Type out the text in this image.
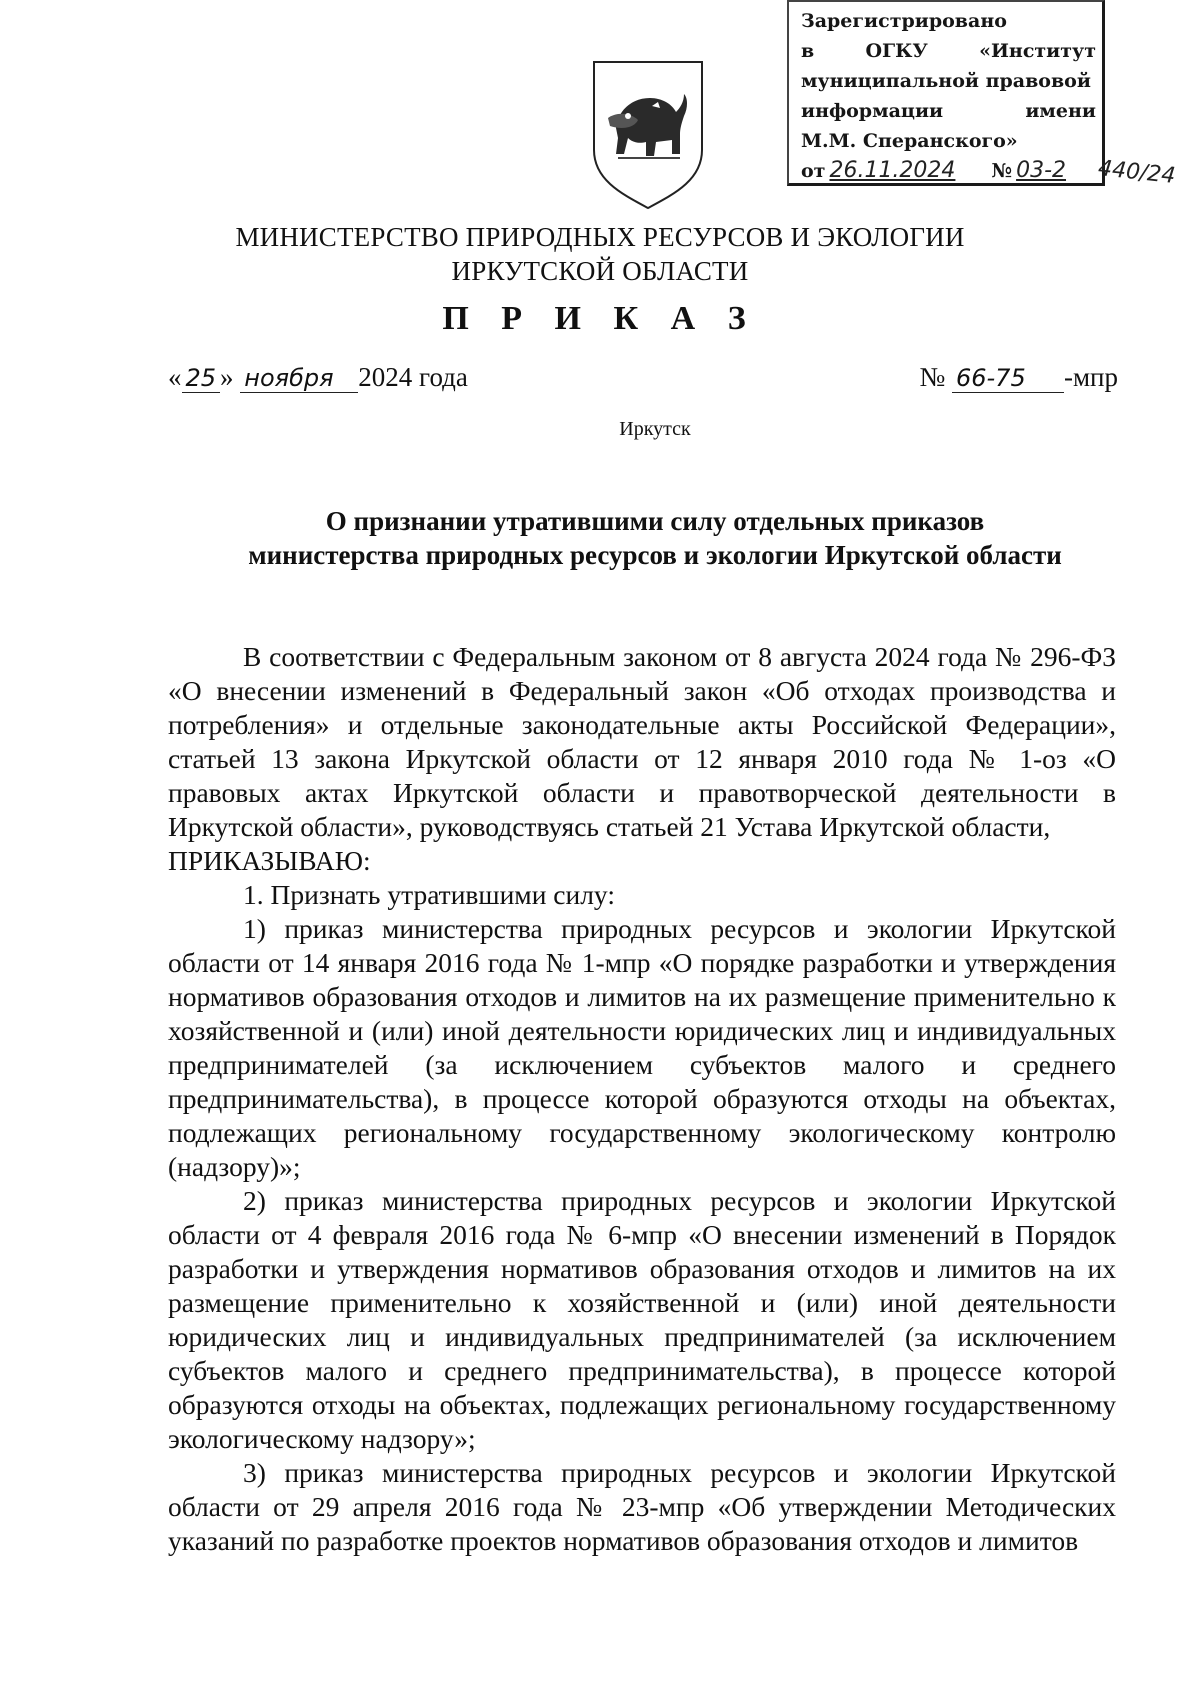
Зарегистрировано
в	ОГКУ	«Институт
муниципальной правовой
информации	имени
М.М. Сперанского»
от 26.11.2024 № 03-2 440/24
МИНИСТЕРСТВО ПРИРОДНЫХ РЕСУРСОВ И ЭКОЛОГИИ
ИРКУТСКОЙ ОБЛАСТИ
П Р И К А З
« 25 » ноября 2024 года	№ 66-75 -мпр
Иркутск
О признании утратившими силу отдельных приказов
министерства природных ресурсов и экологии Иркутской области

В соответствии с Федеральным законом от 8 августа 2024 года № 296-ФЗ «О внесении изменений в Федеральный закон «Об отходах производства и потребления» и отдельные законодательные акты Российской Федерации», статьей 13 закона Иркутской области от 12 января 2010 года № 1-оз «О правовых актах Иркутской области и правотворческой деятельности в Иркутской области», руководствуясь статьей 21 Устава Иркутской области,

ПРИКАЗЫВАЮ:

1. Признать утратившими силу:

1) приказ министерства природных ресурсов и экологии Иркутской области от 14 января 2016 года № 1-мпр «О порядке разработки и утверждения нормативов образования отходов и лимитов на их размещение применительно к хозяйственной и (или) иной деятельности юридических лиц и индивидуальных предпринимателей (за исключением субъектов малого и среднего предпринимательства), в процессе которой образуются отходы на объектах, подлежащих региональному государственному экологическому контролю (надзору)»;

2) приказ министерства природных ресурсов и экологии Иркутской области от 4 февраля 2016 года № 6-мпр «О внесении изменений в Порядок разработки и утверждения нормативов образования отходов и лимитов на их размещение применительно к хозяйственной и (или) иной деятельности юридических лиц и индивидуальных предпринимателей (за исключением субъектов малого и среднего предпринимательства), в процессе которой образуются отходы на объектах, подлежащих региональному государственному экологическому надзору»;

3) приказ министерства природных ресурсов и экологии Иркутской области от 29 апреля 2016 года № 23-мпр «Об утверждении Методических указаний по разработке проектов нормативов образования отходов и лимитов
